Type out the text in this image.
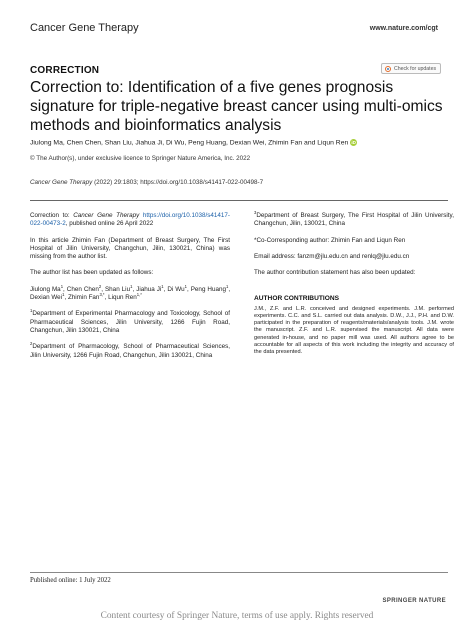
Cancer Gene Therapy	www.nature.com/cgt
CORRECTION	Check for updates
Correction to: Identification of a five genes prognosis signature for triple-negative breast cancer using multi-omics methods and bioinformatics analysis
Jiulong Ma, Chen Chen, Shan Liu, Jiahua Ji, Di Wu, Peng Huang, Dexian Wei, Zhimin Fan and Liqun Ren iD
© The Author(s), under exclusive licence to Springer Nature America, Inc. 2022
Cancer Gene Therapy (2022) 29:1803; https://doi.org/10.1038/s41417-022-00498-7

Correction to: Cancer Gene Therapy https://doi.org/10.1038/s41417-022-00473-2, published online 26 April 2022

In this article Zhimin Fan (Department of Breast Surgery, The First Hospital of Jilin University, Changchun, Jilin, 130021, China) was missing from the author list.

The author list has been updated as follows:

Jiulong Ma$^1$, Chen Chen$^2$, Shan Liu$^1$, Jiahua Ji$^1$, Di Wu$^1$, Peng Huang$^1$, Dexian Wei$^1$, Zhimin Fan$^{3,*}$, Liqun Ren$^{1,*}$

$^1$Department of Experimental Pharmacology and Toxicology, School of Pharmaceutical Sciences, Jilin University, 1266 Fujin Road, Changchun, Jilin 130021, China

$^2$Department of Pharmacology, School of Pharmaceutical Sciences, Jilin University, 1266 Fujin Road, Changchun, Jilin 130021, China

$^3$Department of Breast Surgery, The First Hospital of Jilin University, Changchun, Jilin, 130021, China

*Co-Corresponding author: Zhimin Fan and Liqun Ren

Email address: fanzm@jlu.edu.cn and renlq@jlu.edu.cn

The author contribution statement has also been updated:

AUTHOR CONTRIBUTIONS
J.M., Z.F. and L.R. conceived and designed experiments. J.M. performed experiments. C.C. and S.L. carried out data analysis. D.W., J.J., P.H. and D.W. participated in the preparation of reagents/materials/analysis tools. J.M. wrote the manuscript. Z.F. and L.R. supervised the manuscript. All data were generated in-house, and no paper mill was used. All authors agree to be accountable for all aspects of this work including the integrity and accuracy of the data presented.
Published online: 1 July 2022
SPRINGER NATURE
Content courtesy of Springer Nature, terms of use apply. Rights reserved
